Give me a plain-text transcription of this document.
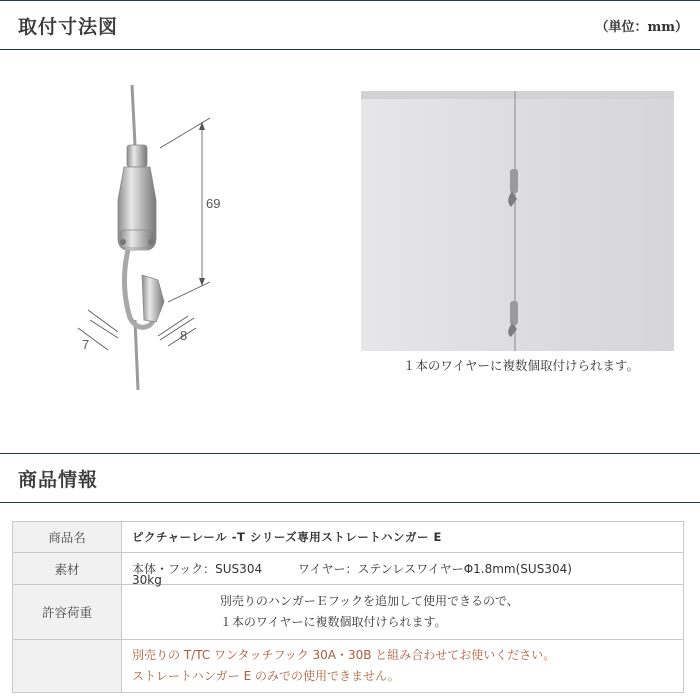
取付寸法図	（単位：mm）
69
7
8
１本のワイヤーに複数個取付けられます。
商品情報
商品名	ピクチャーレール -T シリーズ専用ストレートハンガー E
素材	本体・フック：SUS304 ワイヤー：ステンレスワイヤーΦ1.8mm(SUS304)
許容荷重	30kg 別売りのハンガーＥフックを追加して使用できるので、
１本のワイヤーに複数個取付けられます。
	別売りの T/TC ワンタッチフック 30A・30B と組み合わせてお使いください。
ストレートハンガー E のみでの使用できません。
